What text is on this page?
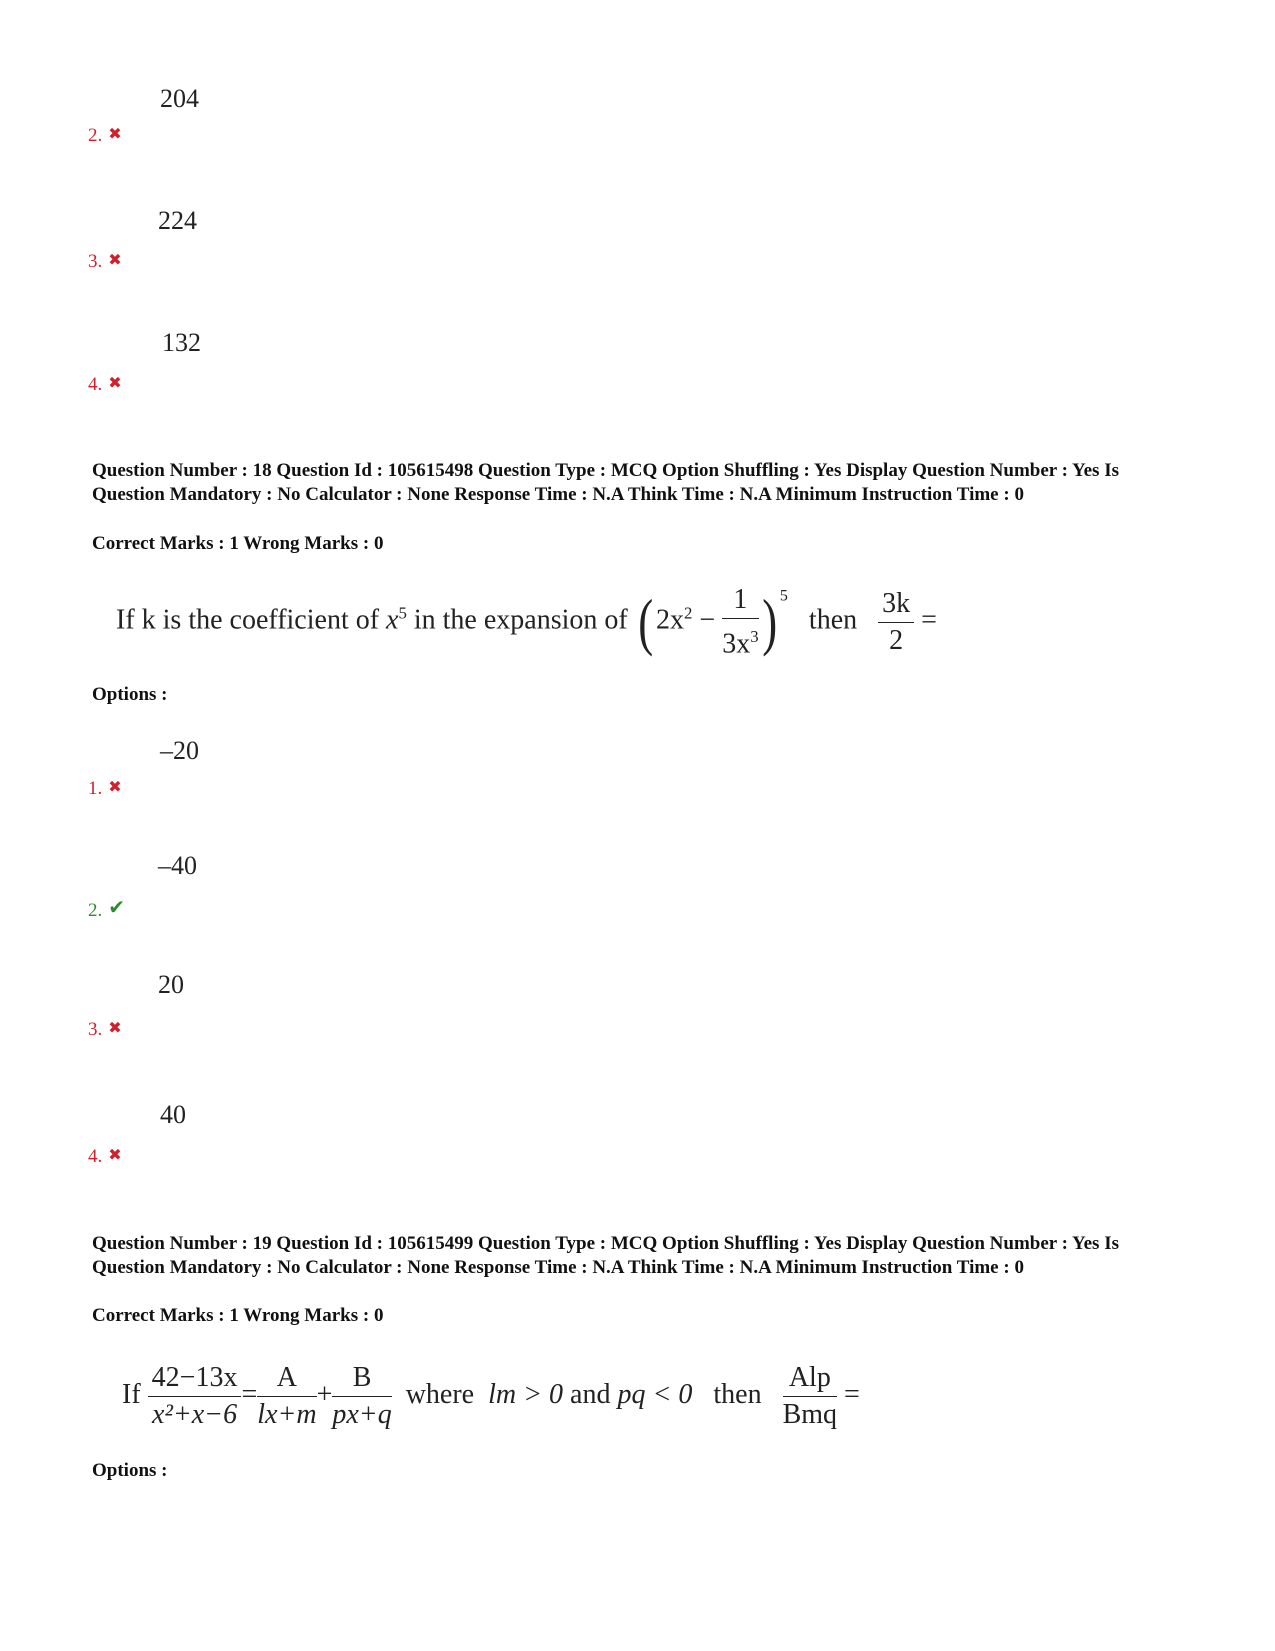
204
2. ✖
224
3. ✖
132
4. ✖
Question Number : 18 Question Id : 105615498 Question Type : MCQ Option Shuffling : Yes Display Question Number : Yes Is Question Mandatory : No Calculator : None Response Time : N.A Think Time : N.A Minimum Instruction Time : 0
Correct Marks : 1 Wrong Marks : 0
If k is the coefficient of $x^5$ in the expansion of ( $2x^2 - \frac{1}{3x^3}$ ) $^5$   then $\frac{3k}{2}$ =
Options :
–20
1. ✖
–40
2. ✔
20
3. ✖
40
4. ✖
Question Number : 19 Question Id : 105615499 Question Type : MCQ Option Shuffling : Yes Display Question Number : Yes Is Question Mandatory : No Calculator : None Response Time : N.A Think Time : N.A Minimum Instruction Time : 0
Correct Marks : 1 Wrong Marks : 0
If $\frac{42-13x}{\text{x²+x−6}} = \frac{A}{lx+m} + \frac{B}{px+q}$ where lm > 0 and pq < 0 then $\frac{\text{Alp}}{\text{Bmq}}$ =
Options :
